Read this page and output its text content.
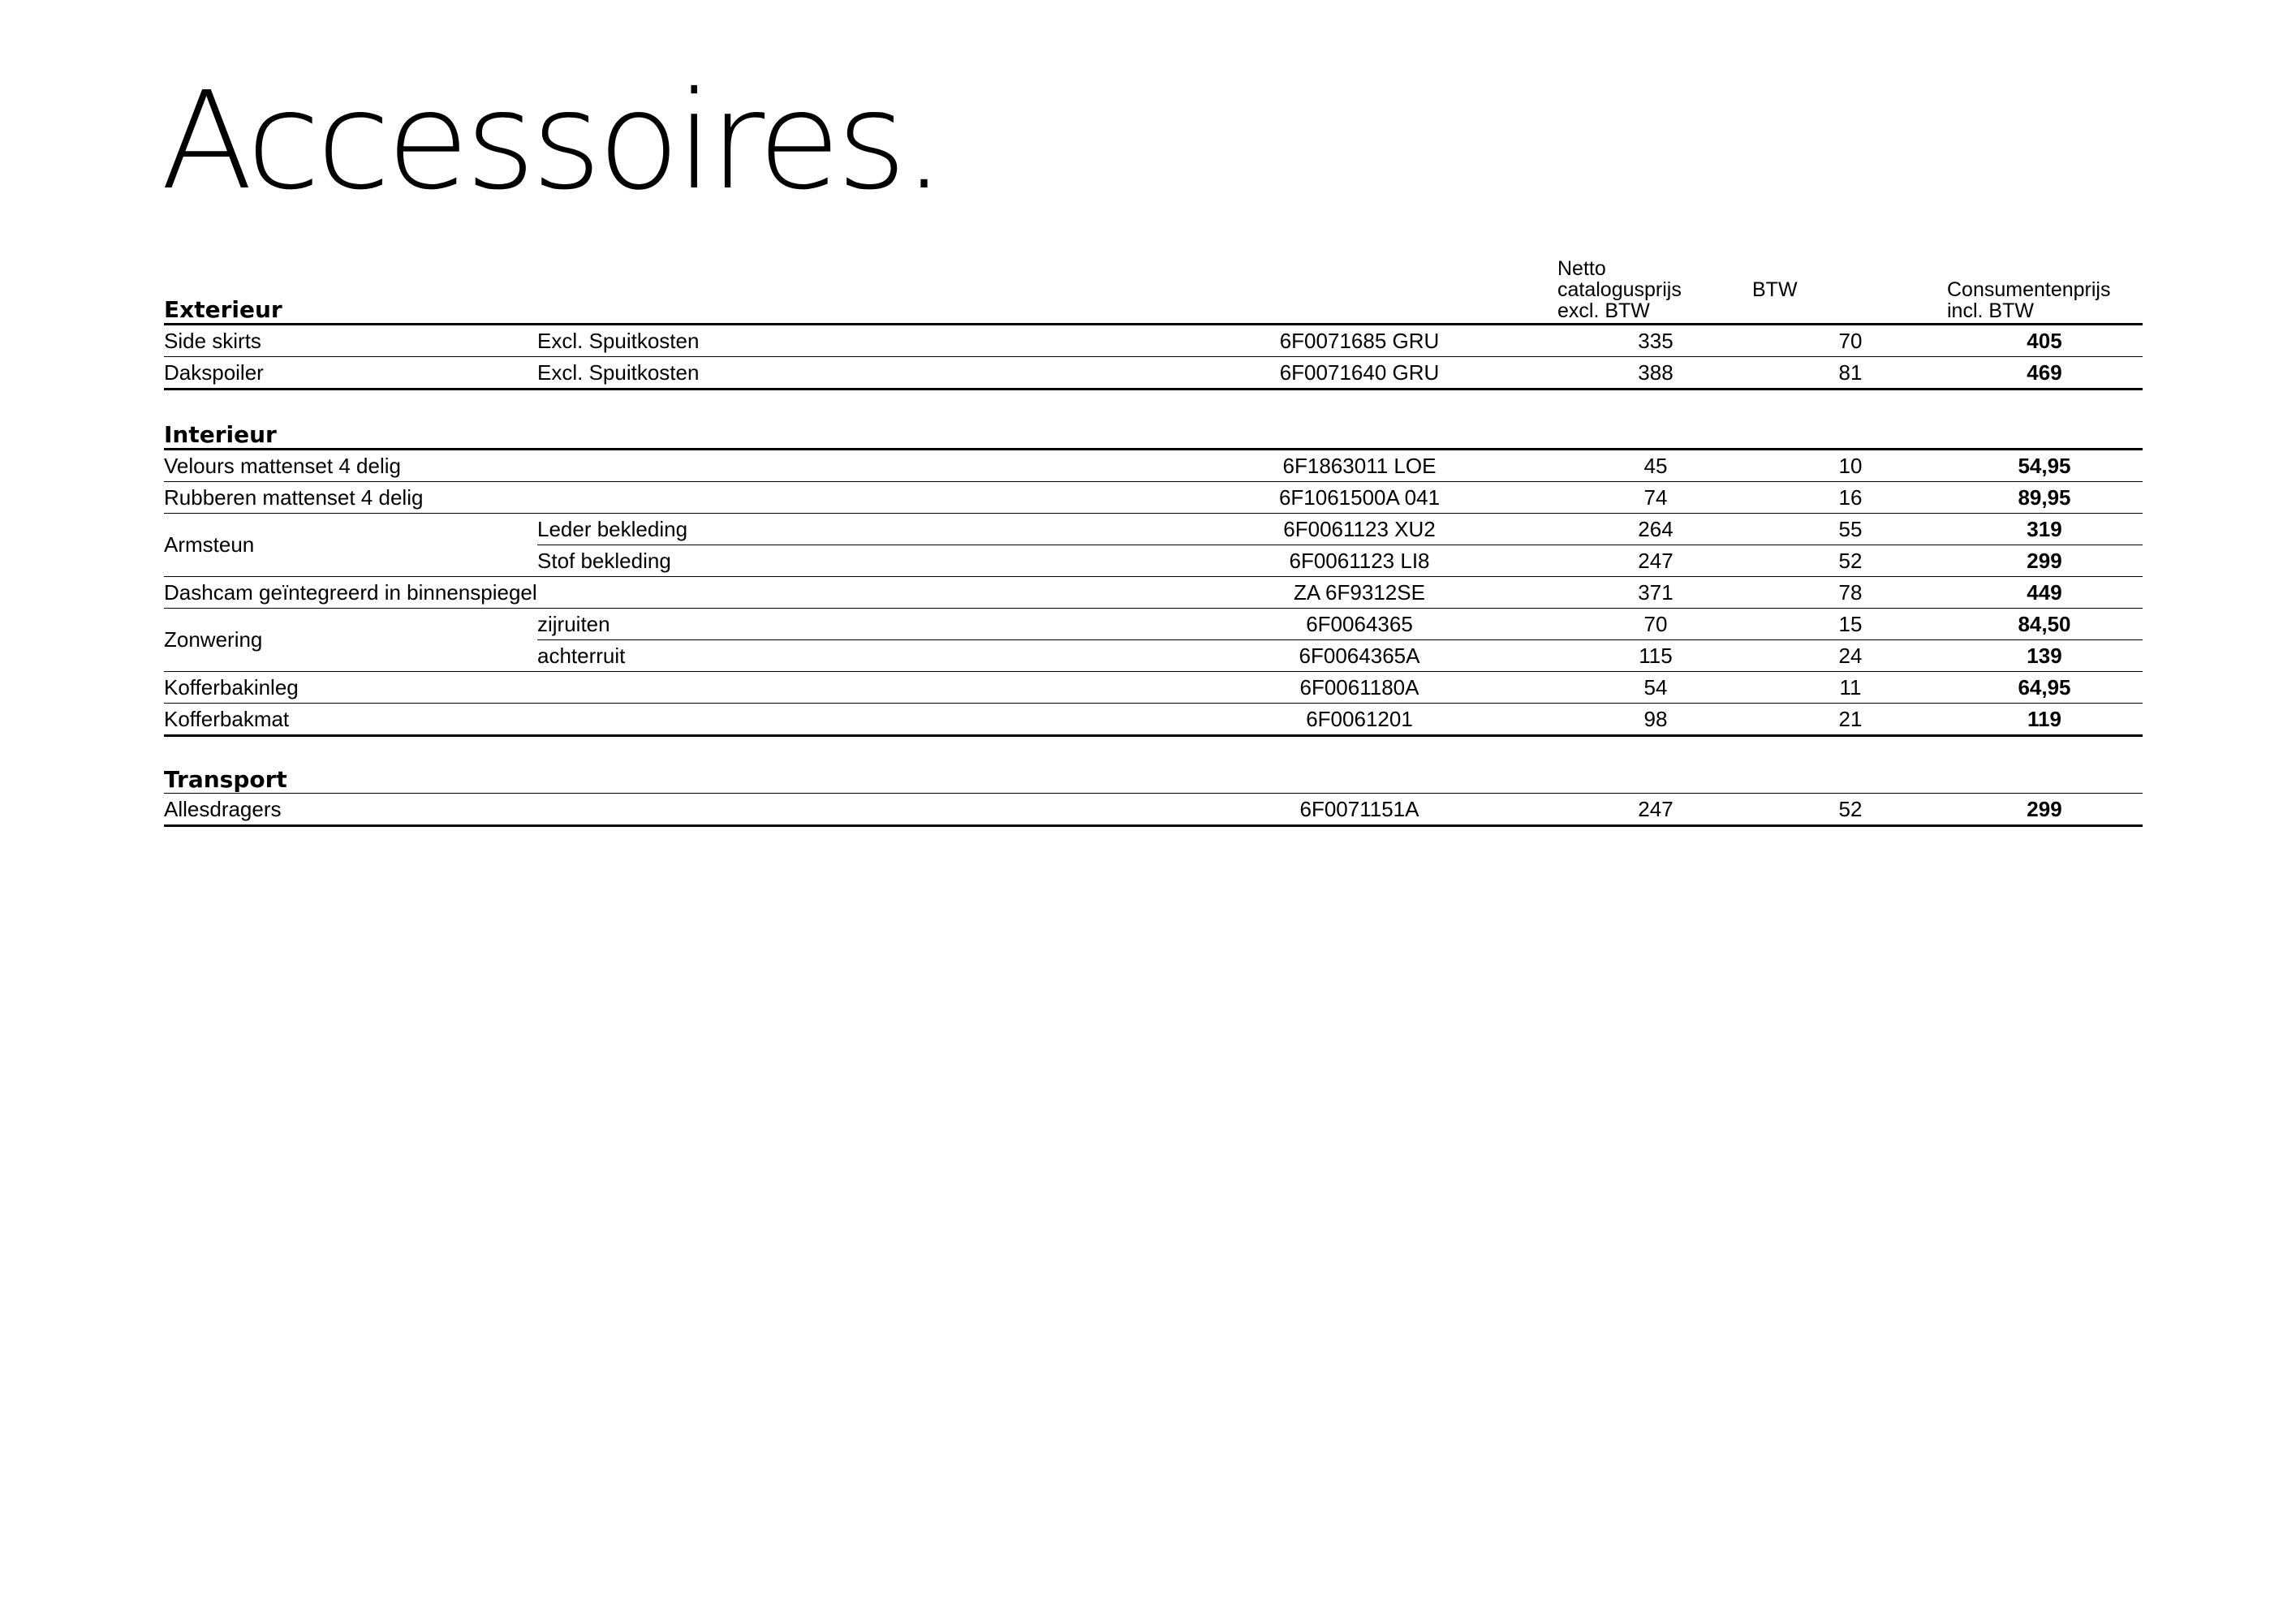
Accessoires.
Exterieur
Netto
catalogusprijs
excl. BTW
BTW	Consumentenprijs
incl. BTW
Side skirts	Excl. Spuitkosten	6F0071685 GRU	335	70	405
Dakspoiler	Excl. Spuitkosten	6F0071640 GRU	388	81	469
Interieur
Velours mattenset 4 delig	6F1863011 LOE	45	10	54,95
Rubberen mattenset 4 delig	6F1061500A 041	74	16	89,95
Armsteun
Leder bekleding	6F0061123 XU2	264	55	319
Stof bekleding	6F0061123 LI8	247	52	299
Dashcam geïntegreerd in binnenspiegel	ZA 6F9312SE	371	78	449
Zonwering
zijruiten	6F0064365	70	15	84,50
achterruit	6F0064365A	115	24	139
Kofferbakinleg	6F0061180A	54	11	64,95
Kofferbakmat	6F0061201	98	21	119
Transport
Allesdragers	6F0071151A	247	52	299
